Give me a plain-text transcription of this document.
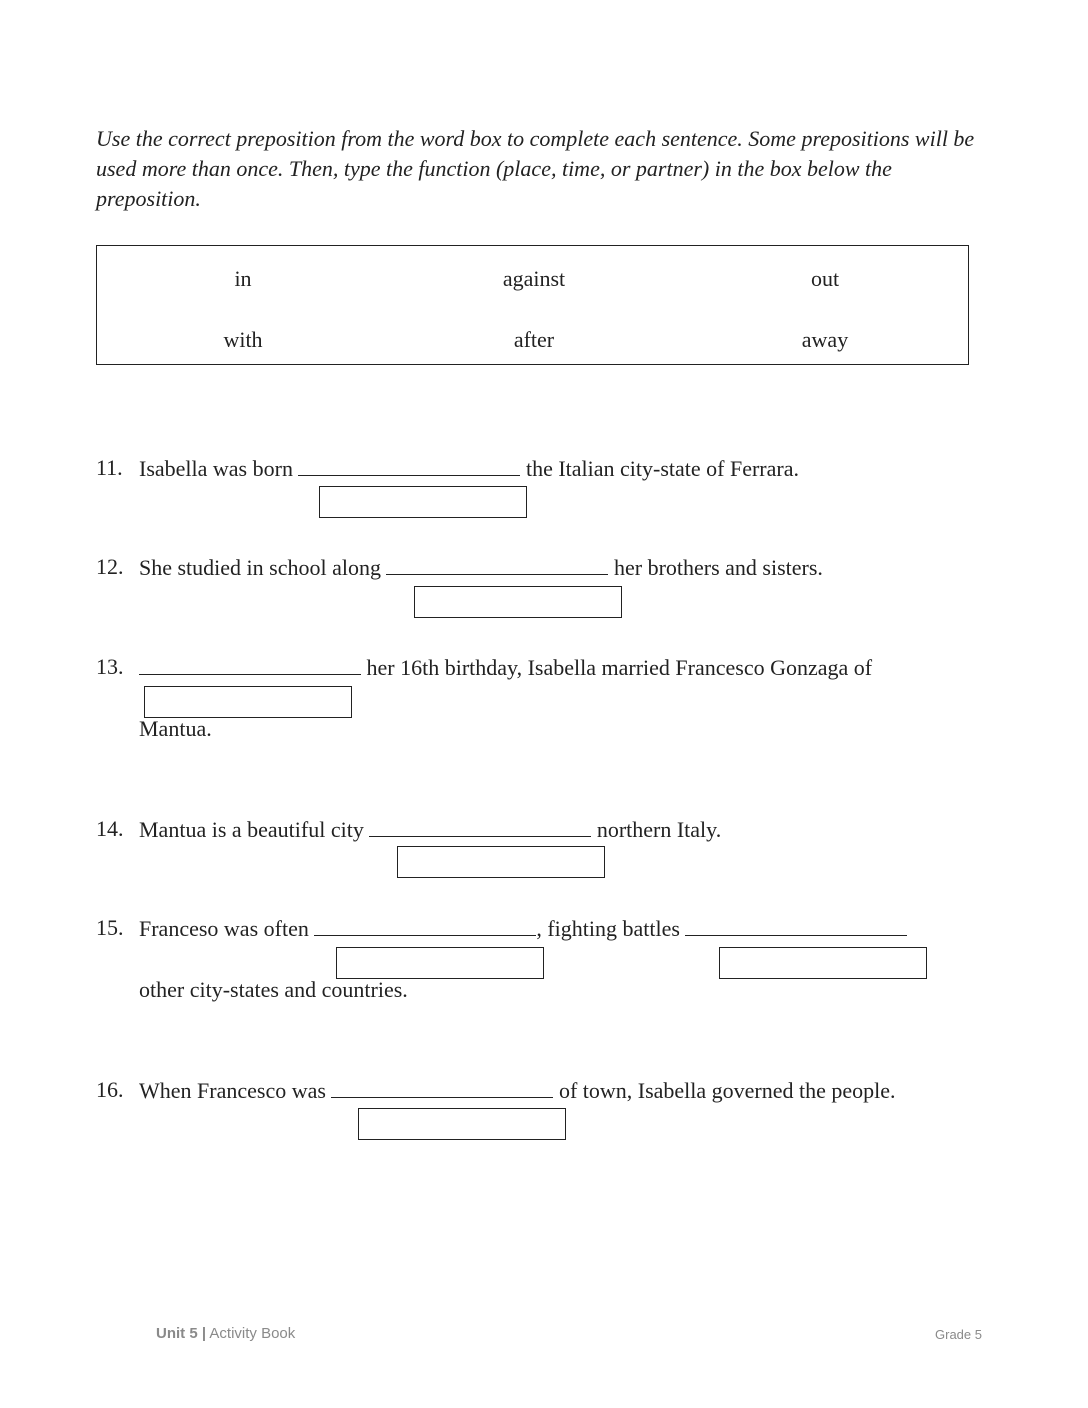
Use the correct preposition from the word box to complete each sentence. Some prepositions will be used more than once. Then, type the function (place, time, or partner) in the box below the preposition.

in	against	out
with	after	away
11. Isabella was born	the Italian city-state of Ferrara.
12. She studied in school along	her brothers and sisters.
13.	her 16th birthday, Isabella married Francesco Gonzaga of
Mantua.
14. Mantua is a beautiful city	northern Italy.
15. Franceso was often	, fighting battles
other city-states and countries.
16. When Francesco was	of town, Isabella governed the people.
Unit 5 | Activity Book	Grade 5
